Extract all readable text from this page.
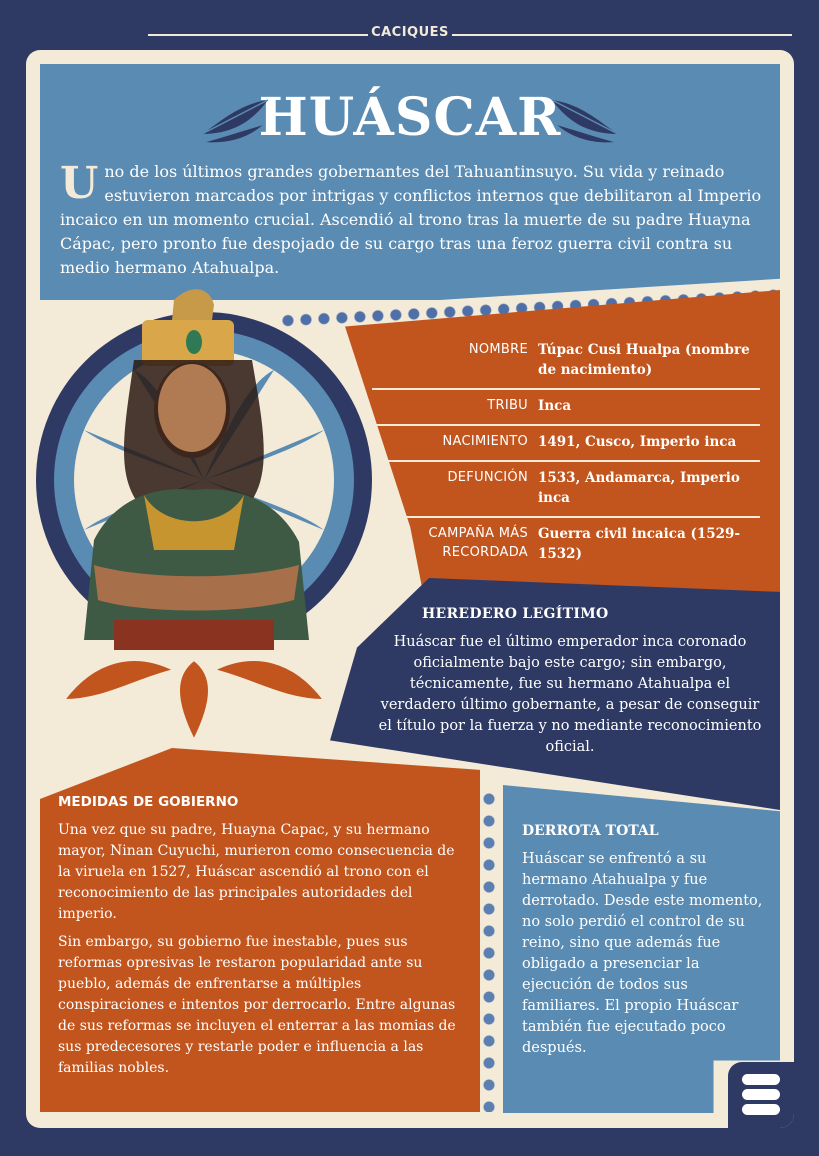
CACIQUES
HUÁSCAR
U no de los últimos grandes gobernantes del Tahuantinsuyo. Su vida y reinado estuvieron marcados por intrigas y conflictos internos que debilitaron al Imperio incaico en un momento crucial. Ascendió al trono tras la muerte de su padre Huayna Cápac, pero pronto fue despojado de su cargo tras una feroz guerra civil contra su medio hermano Atahualpa.
NOMBRE Túpac Cusi Hualpa (nombre de nacimiento)
TRIBU Inca
NACIMIENTO 1491, Cusco, Imperio inca
DEFUNCIÓN 1533, Andamarca, Imperio inca
CAMPAÑA MÁS RECORDADA
Guerra civil incaica (1529-1532)
HEREDERO LEGÍTIMO
Huáscar fue el último emperador inca coronado oficialmente bajo este cargo; sin embargo, técnicamente, fue su hermano Atahualpa el verdadero último gobernante, a pesar de conseguir el título por la fuerza y no mediante reconocimiento oficial.
MEDIDAS DE GOBIERNO

Una vez que su padre, Huayna Capac, y su hermano mayor, Ninan Cuyuchi, murieron como consecuencia de la viruela en 1527, Huáscar ascendió al trono con el reconocimiento de las principales autoridades del imperio.

Sin embargo, su gobierno fue inestable, pues sus reformas opresivas le restaron popularidad ante su pueblo, además de enfrentarse a múltiples conspiraciones e intentos por derrocarlo. Entre algunas de sus reformas se incluyen el enterrar a las momias de sus predecesores y restarle poder e influencia a las familias nobles.

DERROTA TOTAL
Huáscar se enfrentó a su hermano Atahualpa y fue derrotado. Desde este momento, no solo perdió el control de su reino, sino que además fue obligado a presenciar la ejecución de todos sus familiares. El propio Huáscar también fue ejecutado poco después.
